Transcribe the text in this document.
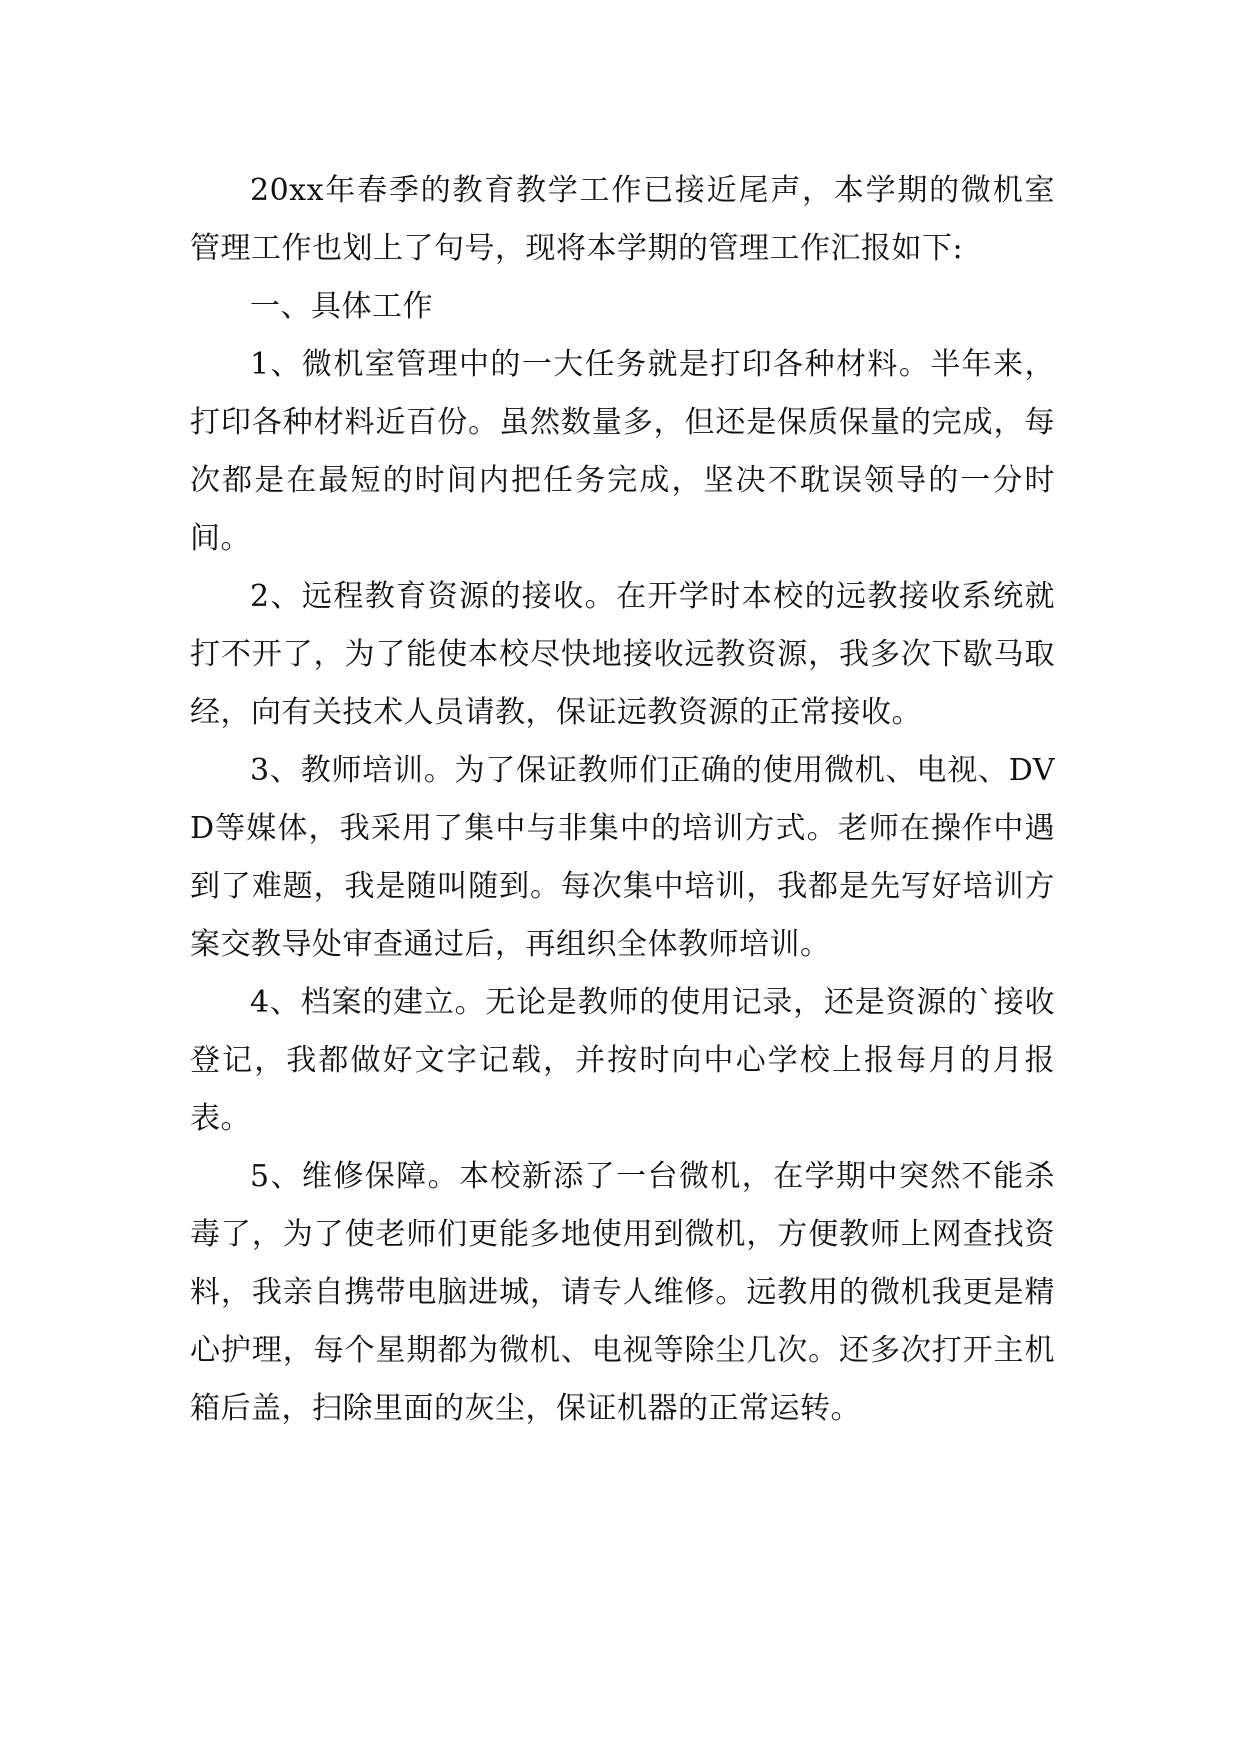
20xx年春季的教育教学工作已接近尾声，本学期的微机室管理工作也划上了句号，现将本学期的管理工作汇报如下:

一、具体工作

1、微机室管理中的一大任务就是打印各种材料。半年来，打印各种材料近百份。虽然数量多，但还是保质保量的完成，每次都是在最短的时间内把任务完成，坚决不耽误领导的一分时间。

2、远程教育资源的接收。在开学时本校的远教接收系统就打不开了，为了能使本校尽快地接收远教资源，我多次下歇马取经，向有关技术人员请教，保证远教资源的正常接收。

3、教师培训。为了保证教师们正确的使用微机、电视、DVD等媒体，我采用了集中与非集中的培训方式。老师在操作中遇到了难题，我是随叫随到。每次集中培训，我都是先写好培训方案交教导处审查通过后，再组织全体教师培训。

4、档案的建立。无论是教师的使用记录，还是资源的`接收登记，我都做好文字记载，并按时向中心学校上报每月的月报表。

5、维修保障。本校新添了一台微机，在学期中突然不能杀毒了，为了使老师们更能多地使用到微机，方便教师上网查找资料，我亲自携带电脑进城，请专人维修。远教用的微机我更是精心护理，每个星期都为微机、电视等除尘几次。还多次打开主机箱后盖，扫除里面的灰尘，保证机器的正常运转。
